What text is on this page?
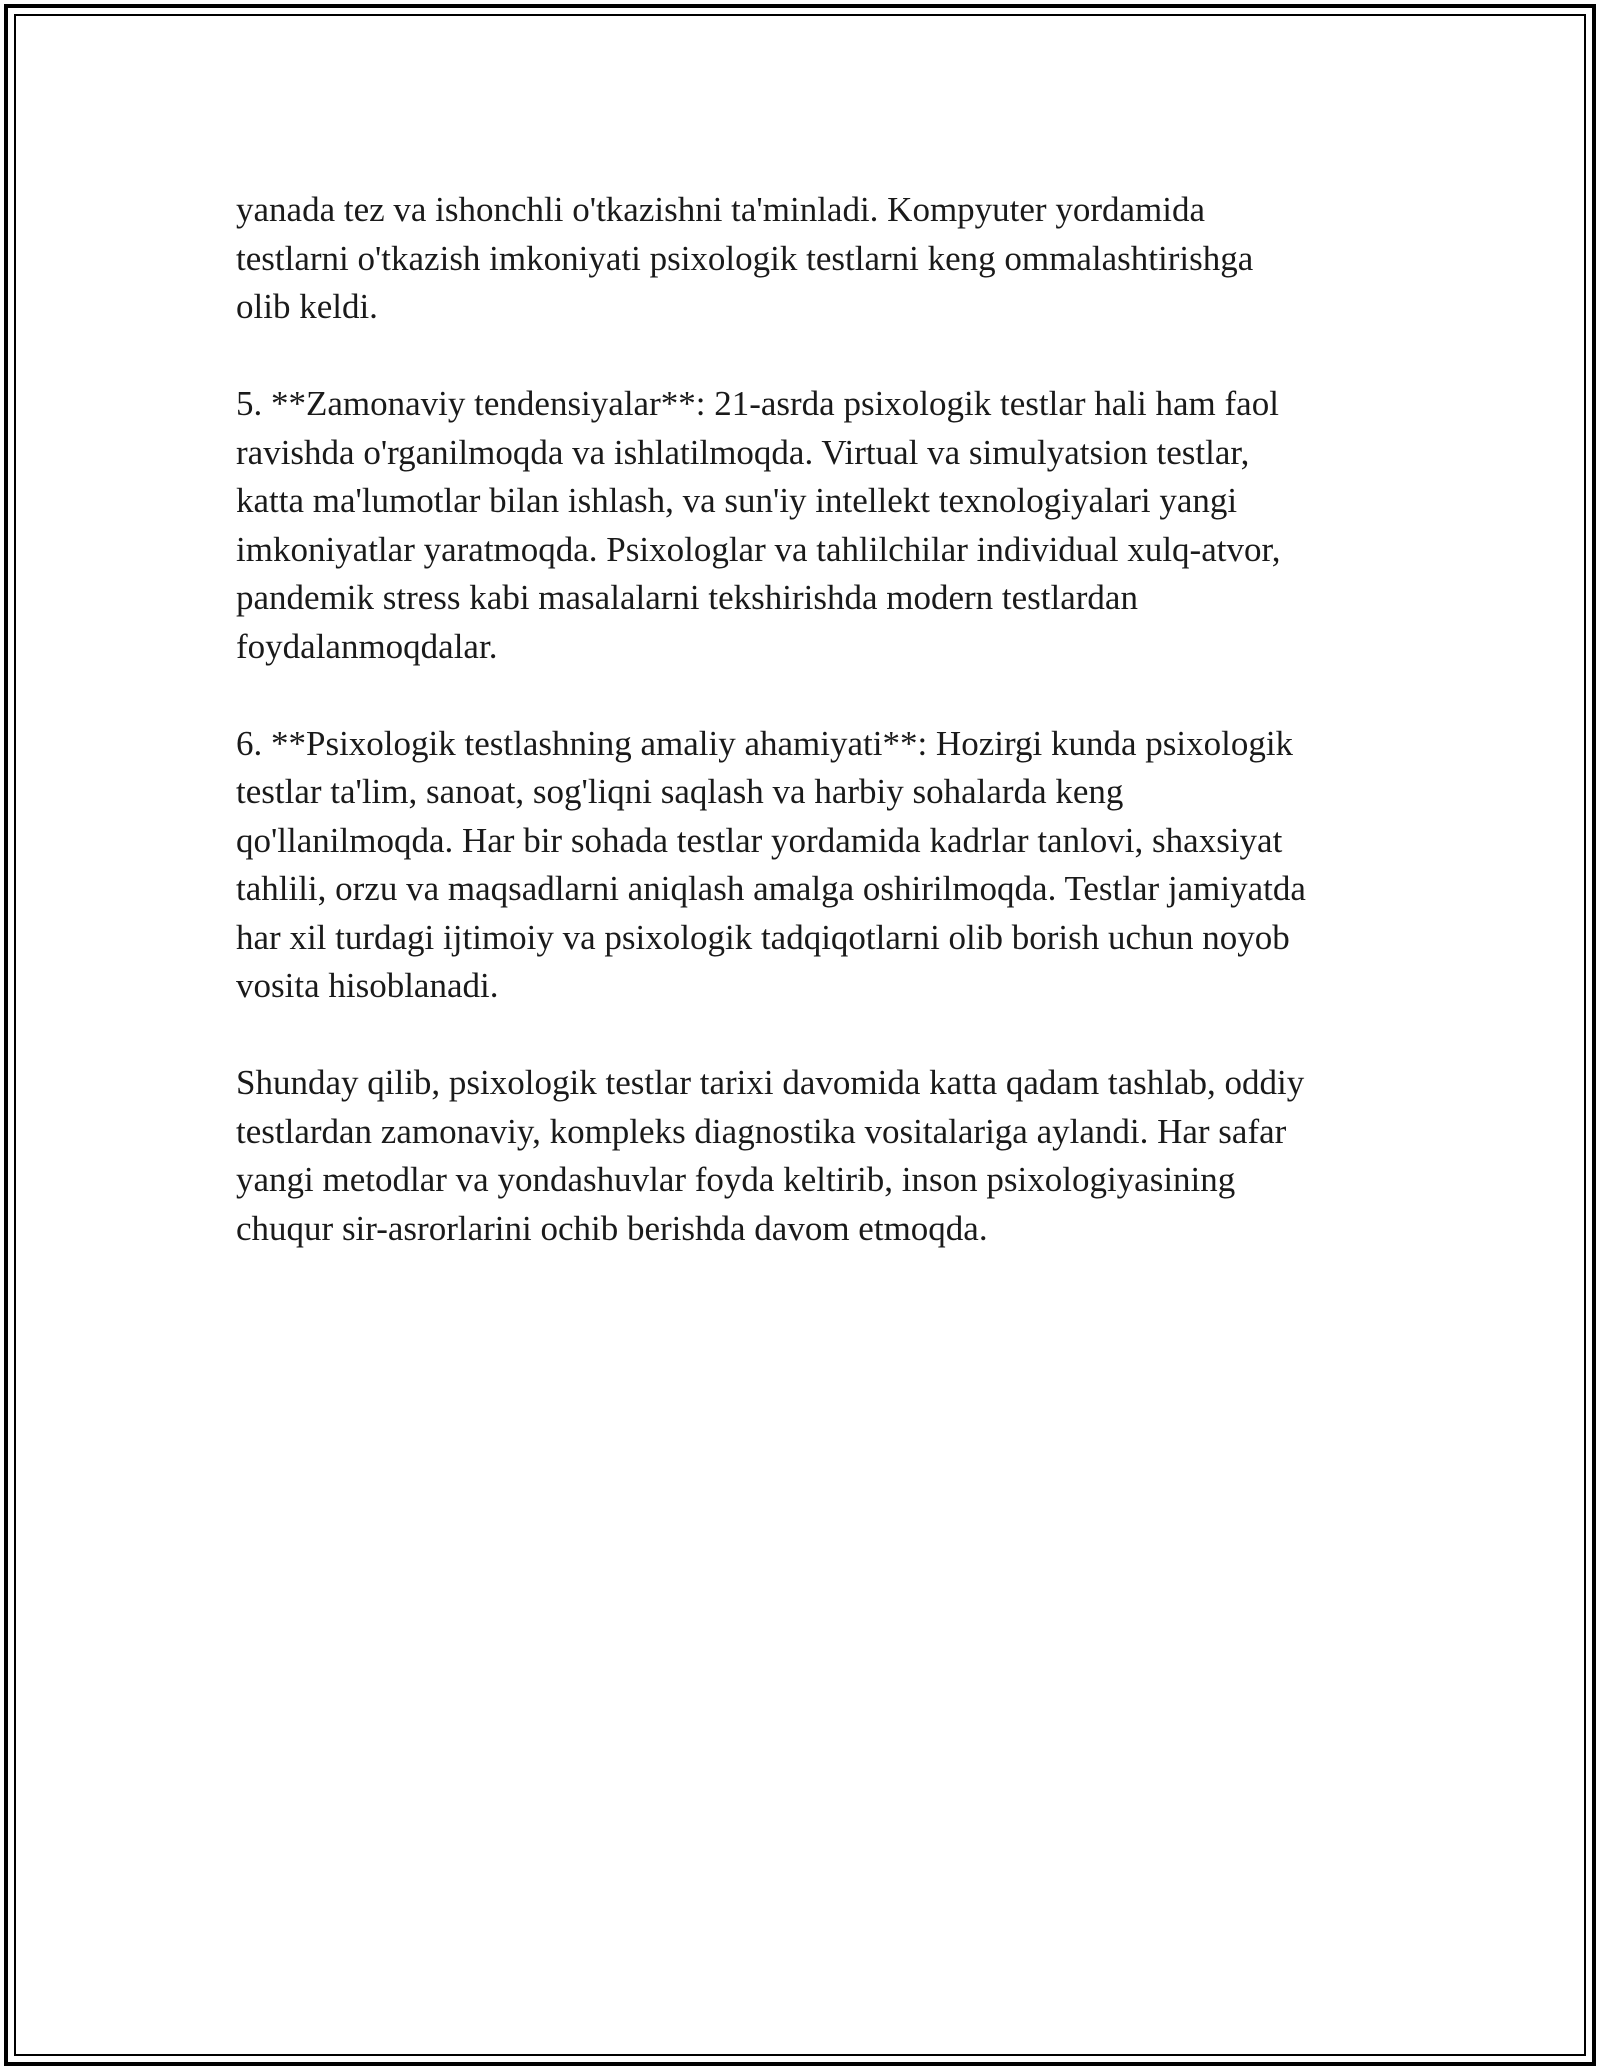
yanada tez va ishonchli o'tkazishni ta'minladi. Kompyuter yordamida
testlarni o'tkazish imkoniyati psixologik testlarni keng ommalashtirishga
olib keldi.

5. **Zamonaviy tendensiyalar**: 21-asrda psixologik testlar hali ham faol
ravishda o'rganilmoqda va ishlatilmoqda. Virtual va simulyatsion testlar,
katta ma'lumotlar bilan ishlash, va sun'iy intellekt texnologiyalari yangi
imkoniyatlar yaratmoqda. Psixologlar va tahlilchilar individual xulq-atvor,
pandemik stress kabi masalalarni tekshirishda modern testlardan
foydalanmoqdalar.

6. **Psixologik testlashning amaliy ahamiyati**: Hozirgi kunda psixologik
testlar ta'lim, sanoat, sog'liqni saqlash va harbiy sohalarda keng
qo'llanilmoqda. Har bir sohada testlar yordamida kadrlar tanlovi, shaxsiyat
tahlili, orzu va maqsadlarni aniqlash amalga oshirilmoqda. Testlar jamiyatda
har xil turdagi ijtimoiy va psixologik tadqiqotlarni olib borish uchun noyob
vosita hisoblanadi.

Shunday qilib, psixologik testlar tarixi davomida katta qadam tashlab, oddiy
testlardan zamonaviy, kompleks diagnostika vositalariga aylandi. Har safar
yangi metodlar va yondashuvlar foyda keltirib, inson psixologiyasining
chuqur sir-asrorlarini ochib berishda davom etmoqda.
